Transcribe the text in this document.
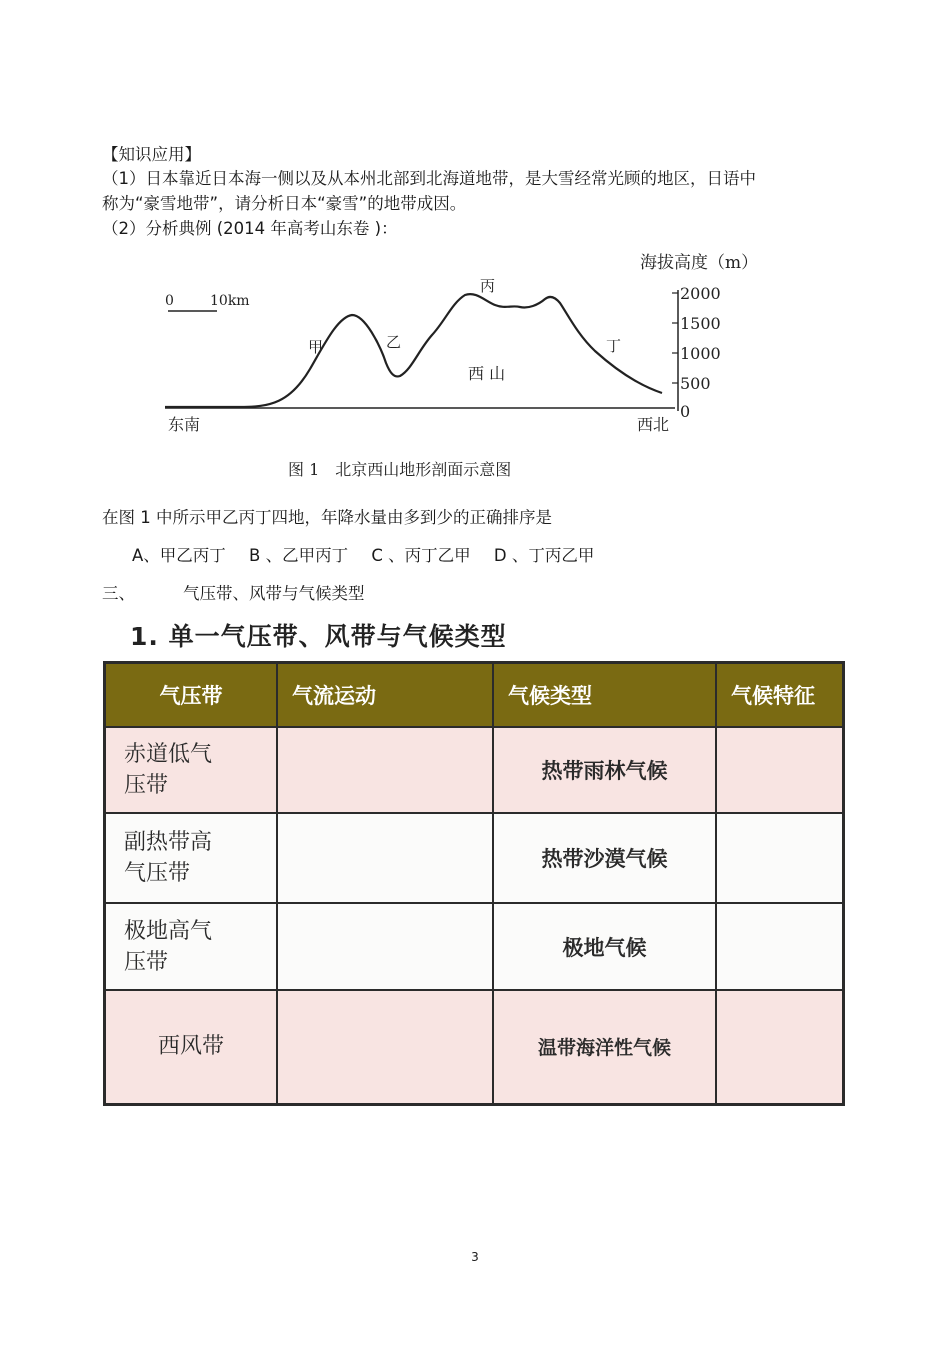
【知识应用】
（1）日本靠近日本海一侧以及从本州北部到北海道地带，是大雪经常光顾的地区，日语中
称为“豪雪地带”，请分析日本“豪雪”的地带成因。
（2）分析典例 (2014 年高考山东卷 )：
海拔高度（m）
2000
1500
1000
500
0
0	10km
甲	乙
丙
丁
西 山
东南	西北
图 1　北京西山地形剖面示意图
在图 1 中所示甲乙丙丁四地，年降水量由多到少的正确排序是
A、甲乙丙丁 B 、乙甲丙丁 C 、丙丁乙甲 D 、丁丙乙甲
三、	气压带、风带与气候类型
1. 单一气压带、风带与气候类型
气压带	气流运动	气候类型	气候特征
赤道低气
压带		热带雨林气候	
副热带高
气压带		热带沙漠气候	
极地高气
压带		极地气候	
西风带		温带海洋性气候	
3
